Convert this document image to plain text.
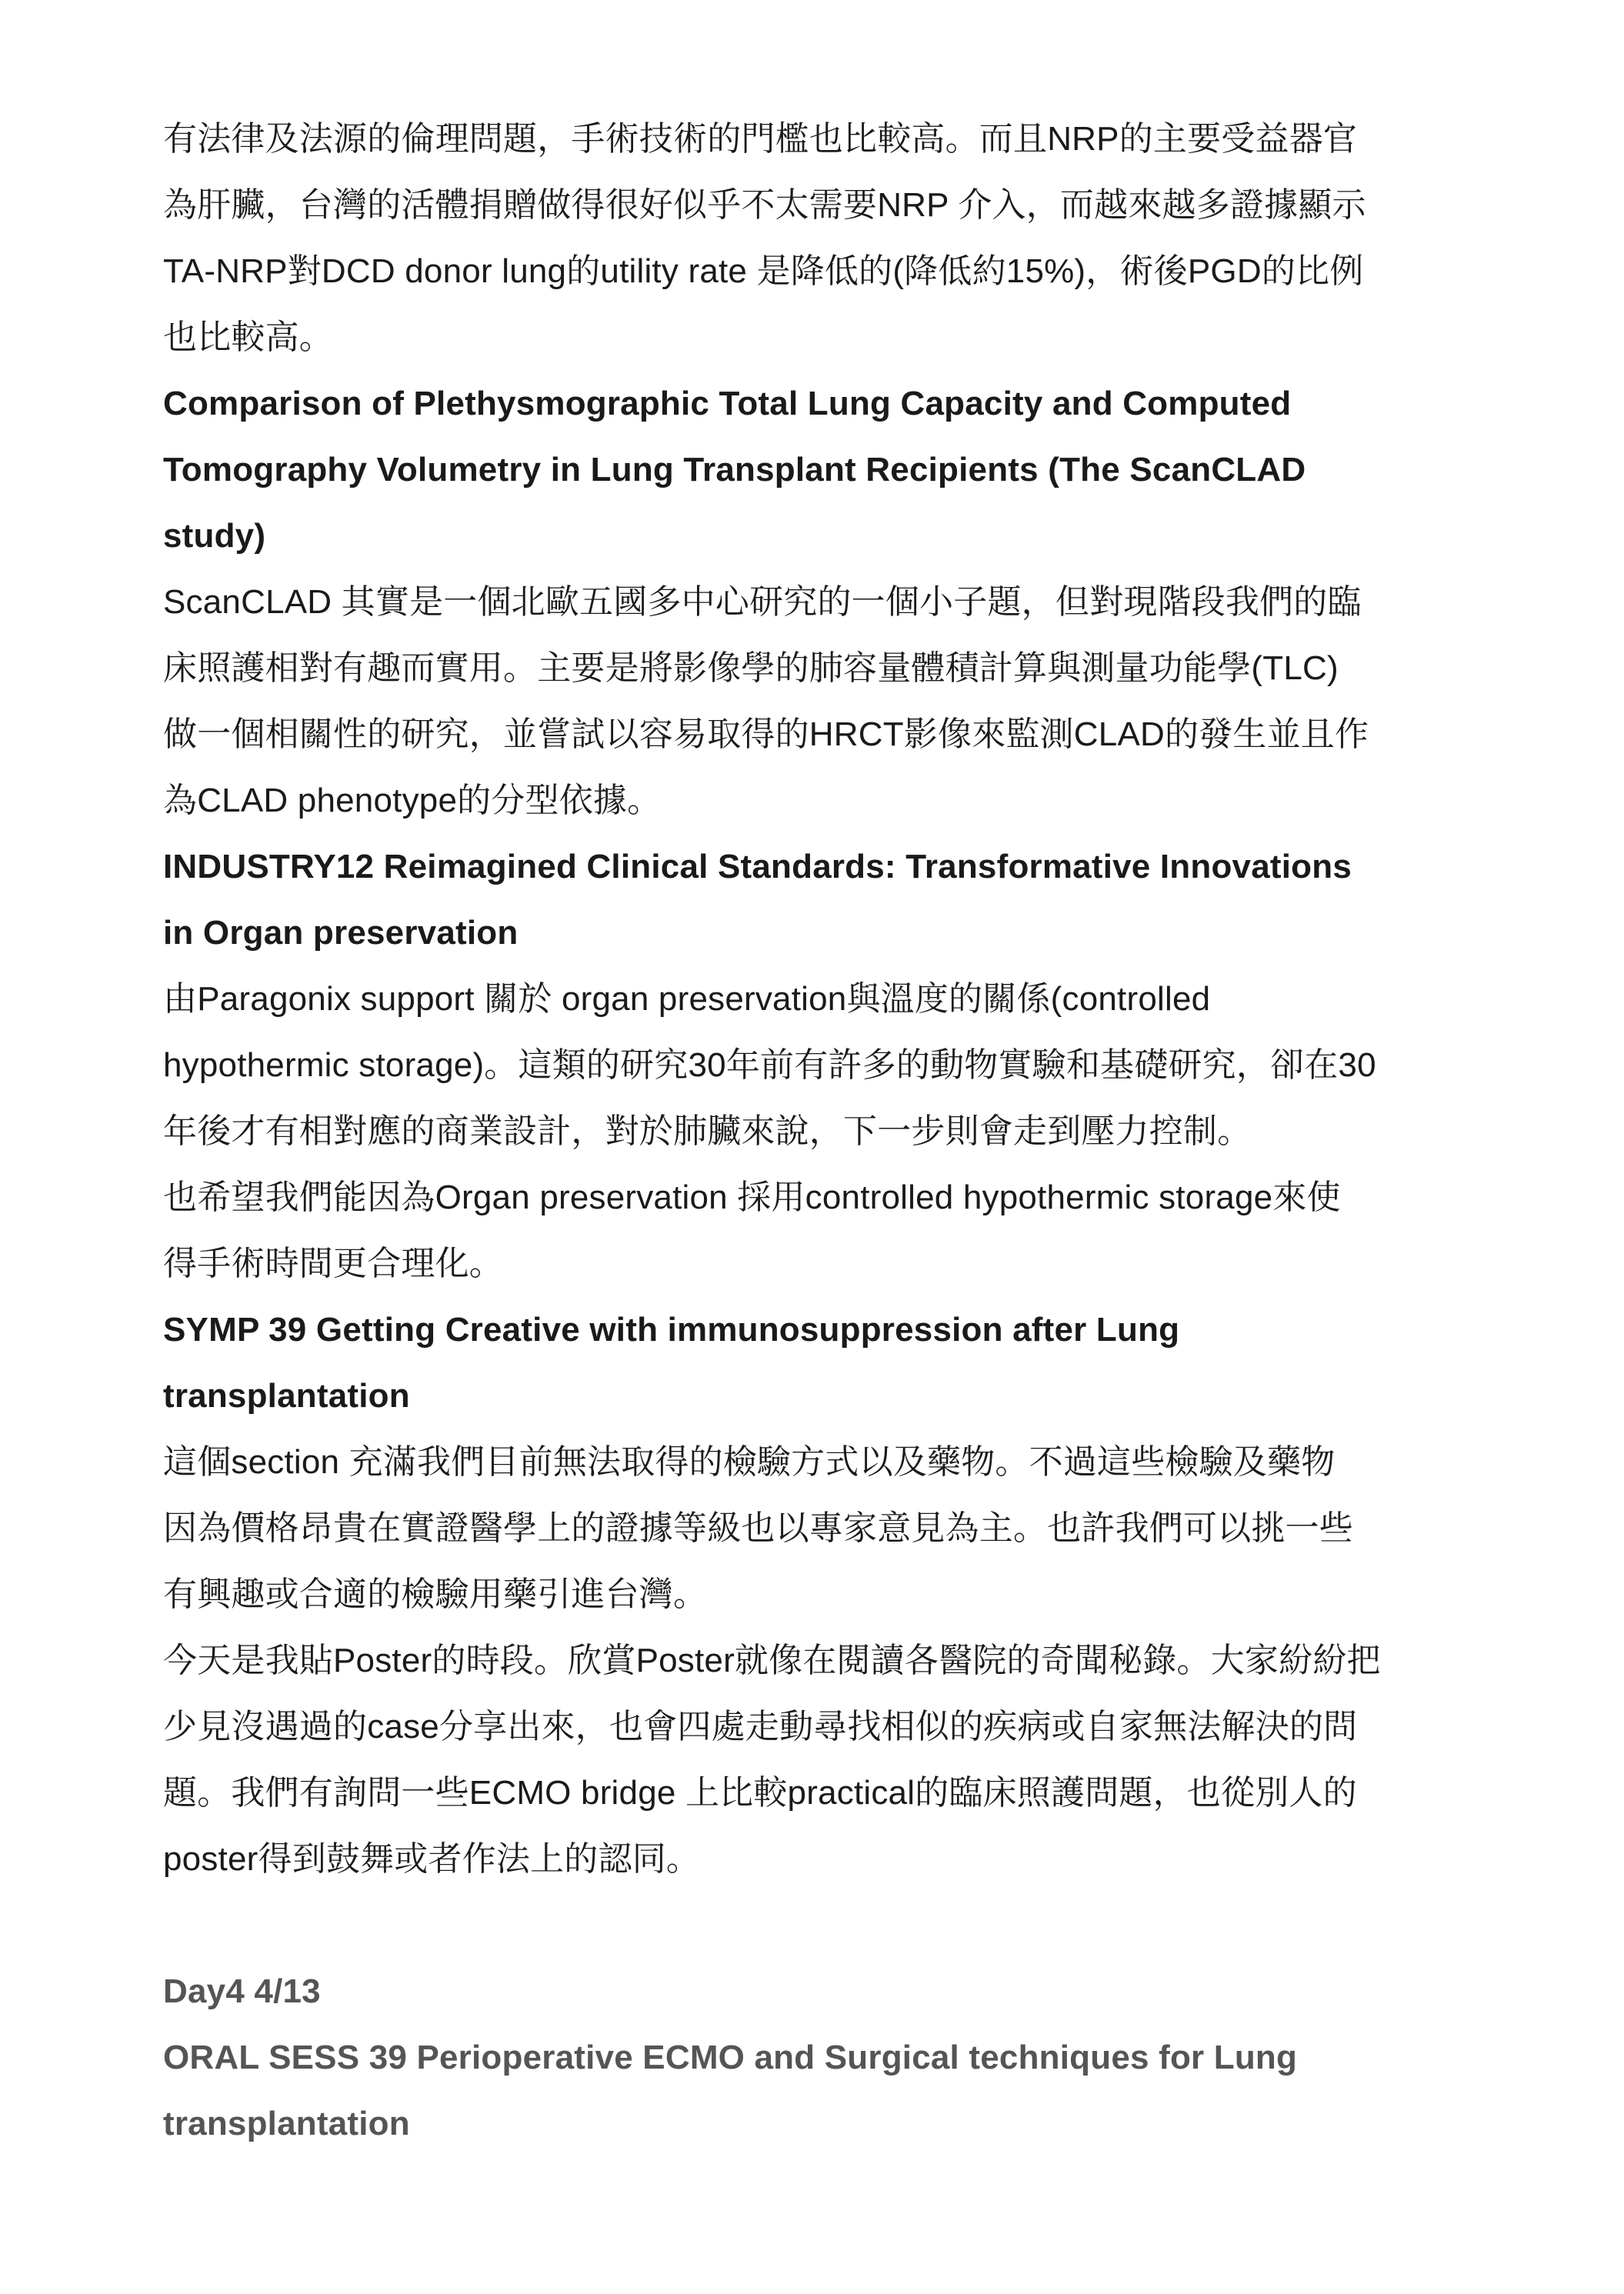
有法律及法源的倫理問題，手術技術的門檻也比較高。而且NRP的主要受益器官
為肝臟，台灣的活體捐贈做得很好似乎不太需要NRP 介入，而越來越多證據顯示
TA-NRP對DCD donor lung的utility rate 是降低的(降低約15%)，術後PGD的比例
也比較高。
Comparison of Plethysmographic Total Lung Capacity and Computed
Tomography Volumetry in Lung Transplant Recipients (The ScanCLAD
study)
ScanCLAD 其實是一個北歐五國多中心研究的一個小子題，但對現階段我們的臨
床照護相對有趣而實用。主要是將影像學的肺容量體積計算與測量功能學(TLC)
做一個相關性的研究，並嘗試以容易取得的HRCT影像來監測CLAD的發生並且作
為CLAD phenotype的分型依據。
INDUSTRY12 Reimagined Clinical Standards: Transformative Innovations
in Organ preservation
由Paragonix support 關於 organ preservation與溫度的關係(controlled
hypothermic storage)。這類的研究30年前有許多的動物實驗和基礎研究，卻在30
年後才有相對應的商業設計，對於肺臟來說，下一步則會走到壓力控制。
也希望我們能因為Organ preservation 採用controlled hypothermic storage來使
得手術時間更合理化。
SYMP 39 Getting Creative with immunosuppression after Lung
transplantation
這個section 充滿我們目前無法取得的檢驗方式以及藥物。不過這些檢驗及藥物
因為價格昂貴在實證醫學上的證據等級也以專家意見為主。也許我們可以挑一些
有興趣或合適的檢驗用藥引進台灣。
今天是我貼Poster的時段。欣賞Poster就像在閱讀各醫院的奇聞秘錄。大家紛紛把
少見沒遇過的case分享出來，也會四處走動尋找相似的疾病或自家無法解決的問
題。我們有詢問一些ECMO bridge 上比較practical的臨床照護問題，也從別人的
poster得到鼓舞或者作法上的認同。
Day4 4/13
ORAL SESS 39 Perioperative ECMO and Surgical techniques for Lung
transplantation
